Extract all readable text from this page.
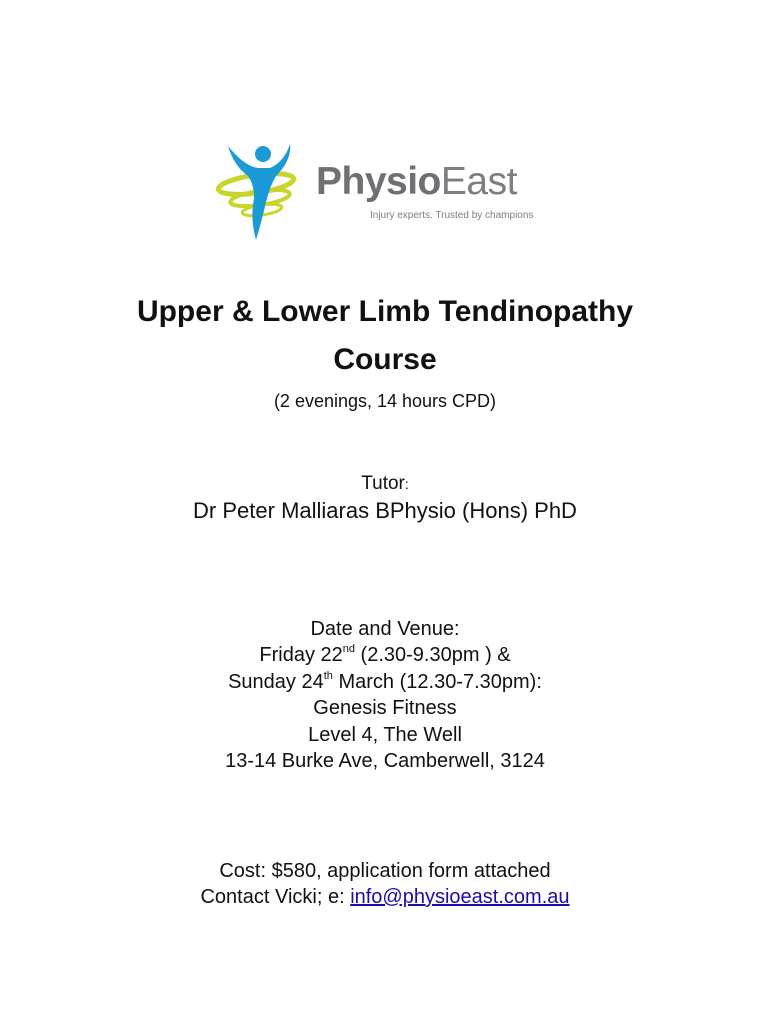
PhysioEast
Injury experts. Trusted by champions
Upper & Lower Limb Tendinopathy
Course
(2 evenings, 14 hours CPD)
Tutor:
Dr Peter Malliaras BPhysio (Hons) PhD
Date and Venue:
Friday 22nd (2.30-9.30pm ) &
Sunday 24th March (12.30-7.30pm):
Genesis Fitness
Level 4, The Well
13-14 Burke Ave, Camberwell, 3124
Cost: $580, application form attached
Contact Vicki; e: info@physioeast.com.au
